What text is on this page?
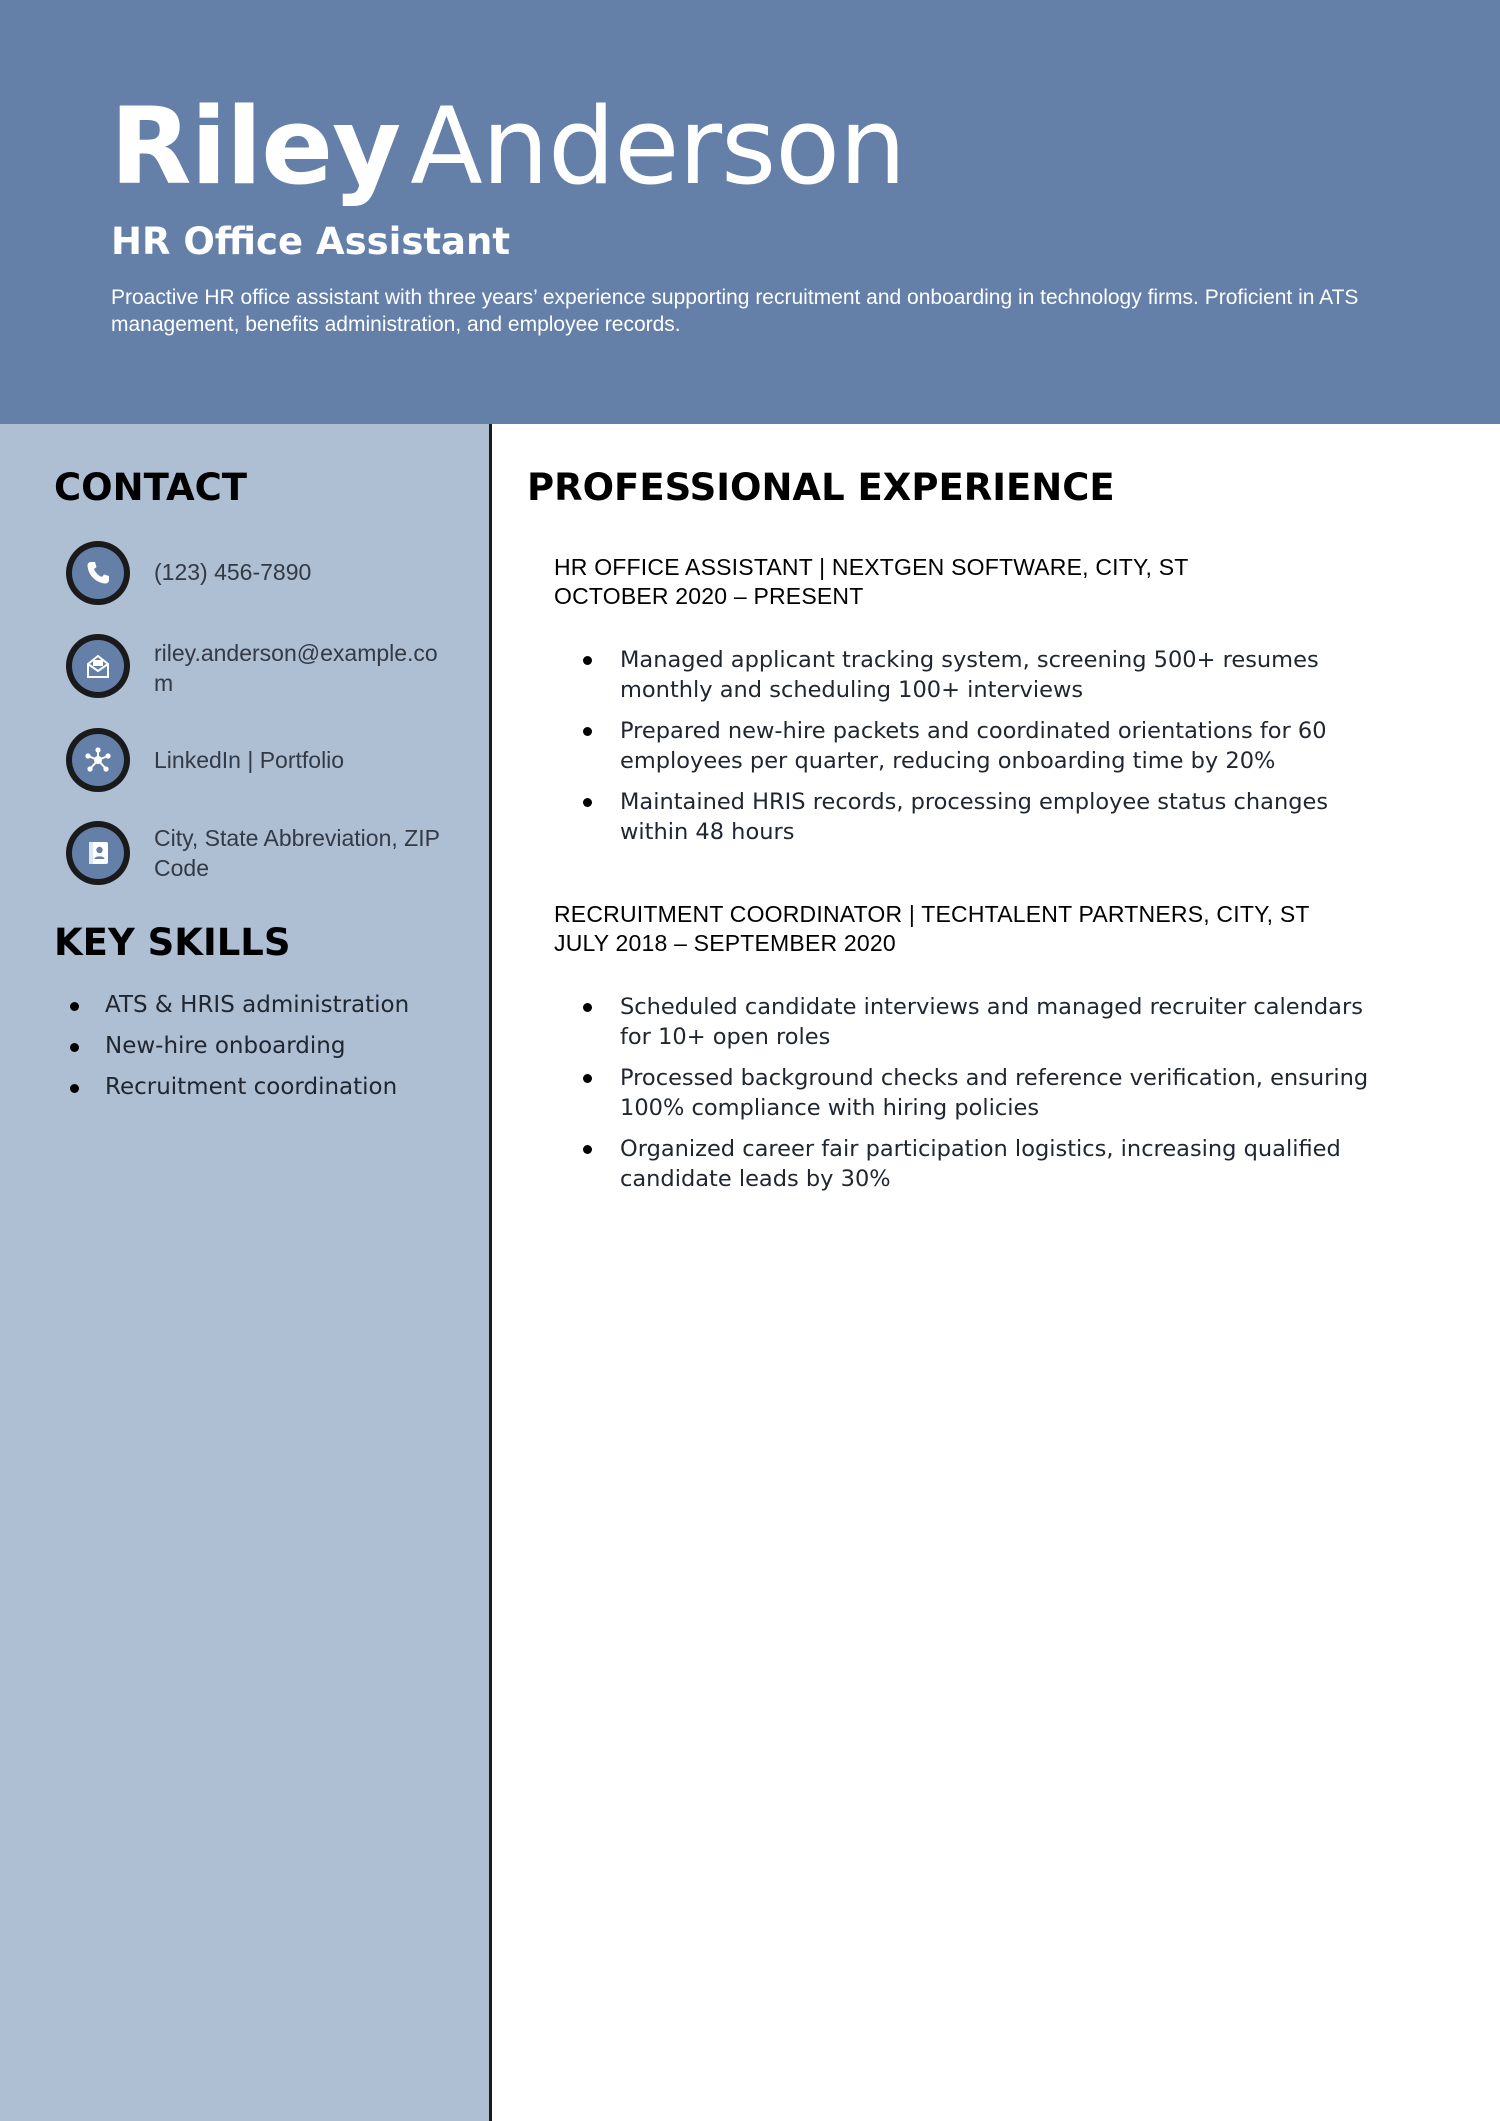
RileyAnderson
HR Office Assistant

Proactive HR office assistant with three years’ experience supporting recruitment and onboarding in technology firms. Proficient in ATS management, benefits administration, and employee records.

CONTACT
(123) 456-7890
riley.anderson@example.com
LinkedIn | Portfolio
City, State Abbreviation, ZIP Code
KEY SKILLS
ATS & HRIS administration
New-hire onboarding
Recruitment coordination
PROFESSIONAL EXPERIENCE

HR OFFICE ASSISTANT | NEXTGEN SOFTWARE, CITY, ST

OCTOBER 2020 – PRESENT

Managed applicant tracking system, screening 500+ resumes monthly and scheduling 100+ interviews
Prepared new-hire packets and coordinated orientations for 60 employees per quarter, reducing onboarding time by 20%
Maintained HRIS records, processing employee status changes within 48 hours

RECRUITMENT COORDINATOR | TECHTALENT PARTNERS, CITY, ST

JULY 2018 – SEPTEMBER 2020

Scheduled candidate interviews and managed recruiter calendars for 10+ open roles
Processed background checks and reference verification, ensuring 100% compliance with hiring policies
Organized career fair participation logistics, increasing qualified candidate leads by 30%
